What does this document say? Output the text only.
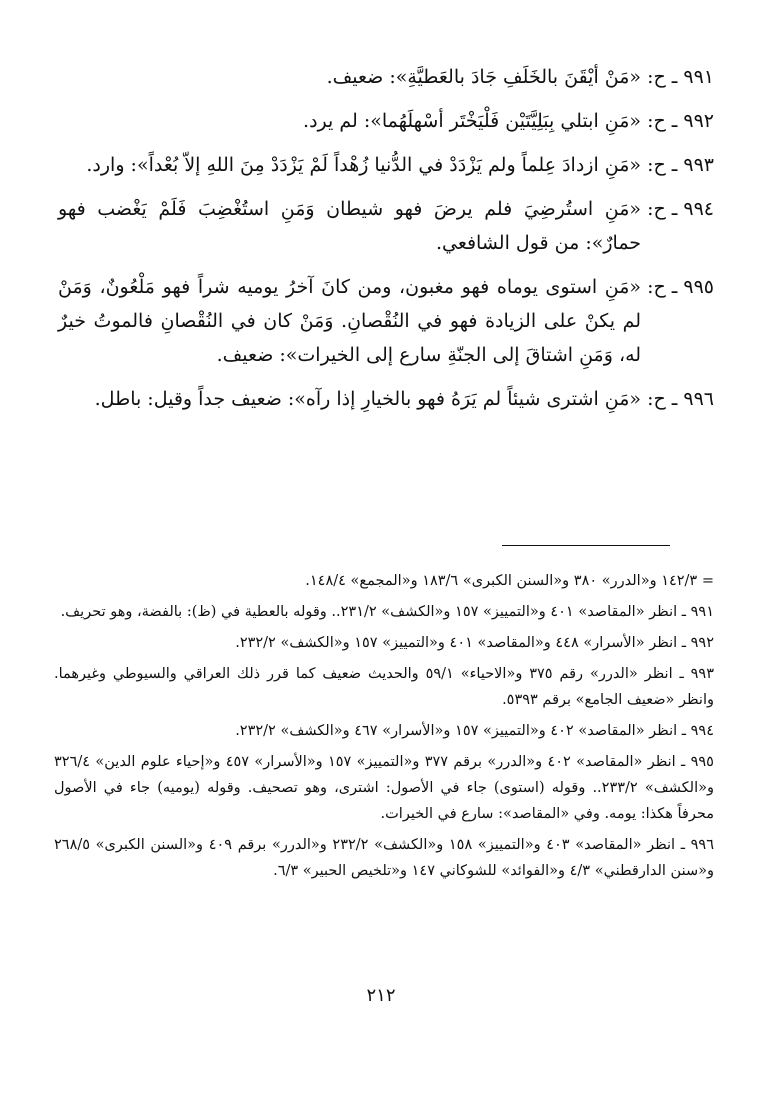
٩٩١ ـ ح:
«مَنْ أيْقَنَ بالخَلَفِ جَادَ بالعَطيَّةِ»: ضعيف.
٩٩٢ ـ ح:
«مَنِ ابتلي بِبَلِيَّتَيْن فَلْيَخْتَر أسْهلَهُما»: لم يرد.
٩٩٣ ـ ح:
«مَنِ ازدادَ عِلماً ولم يَزْدَدْ في الدُّنيا زُهْداً لَمْ يَزْدَدْ مِنَ اللهِ إلاّ بُعْداً»: وارد.
٩٩٤ ـ ح:
«مَنِ استُرضِيَ فلم يرضَ فهو شيطان وَمَنِ استُغْضِبَ فَلَمْ يَغْضب فهو حمارٌ»: من قول الشافعي.
٩٩٥ ـ ح:
«مَنِ استوى يوماه فهو مغبون، ومن كانَ آخرُ يوميه شراً فهو مَلْعُونٌ، وَمَنْ لم يكنْ على الزيادة فهو في النُقْصانِ. وَمَنْ كان في النُقْصانِ فالموتُ خيرٌ له، وَمَنِ اشتاقَ إلى الجنّةِ سارع إلى الخيرات»: ضعيف.
٩٩٦ ـ ح:
«مَنِ اشترى شيئاً لم يَرَهُ فهو بالخيارِ إذا رآه»: ضعيف جداً وقيل: باطل.
= ١٤٢/٣ و«الدرر» ٣٨٠ و«السنن الكبرى» ١٨٣/٦ و«المجمع» ١٤٨/٤.
٩٩١ ـ انظر «المقاصد» ٤٠١ و«التمييز» ١٥٧ و«الكشف» ٢٣١/٢.. وقوله بالعطية في (ظ): بالفضة، وهو تحريف.
٩٩٢ ـ انظر «الأسرار» ٤٤٨ و«المقاصد» ٤٠١ و«التمييز» ١٥٧ و«الكشف» ٢٣٢/٢.
٩٩٣ ـ انظر «الدرر» رقم ٣٧٥ و«الاحياء» ٥٩/١ والحديث ضعيف كما قرر ذلك العراقي والسيوطي وغيرهما. وانظر «ضعيف الجامع» برقم ٥٣٩٣.
٩٩٤ ـ انظر «المقاصد» ٤٠٢ و«التمييز» ١٥٧ و«الأسرار» ٤٦٧ و«الكشف» ٢٣٢/٢.
٩٩٥ ـ انظر «المقاصد» ٤٠٢ و«الدرر» برقم ٣٧٧ و«التمييز» ١٥٧ و«الأسرار» ٤٥٧ و«إحياء علوم الدين» ٣٢٦/٤ و«الكشف» ٢٣٣/٢.. وقوله (استوى) جاء في الأصول: اشترى، وهو تصحيف. وقوله (يوميه) جاء في الأصول محرفاً هكذا: يومه. وفي «المقاصد»: سارع في الخيرات.
٩٩٦ ـ انظر «المقاصد» ٤٠٣ و«التمييز» ١٥٨ و«الكشف» ٢٣٢/٢ و«الدرر» برقم ٤٠٩ و«السنن الكبرى» ٢٦٨/٥ و«سنن الدارقطني» ٤/٣ و«الفوائد» للشوكاني ١٤٧ و«تلخيص الحبير» ٦/٣.
٢١٢
